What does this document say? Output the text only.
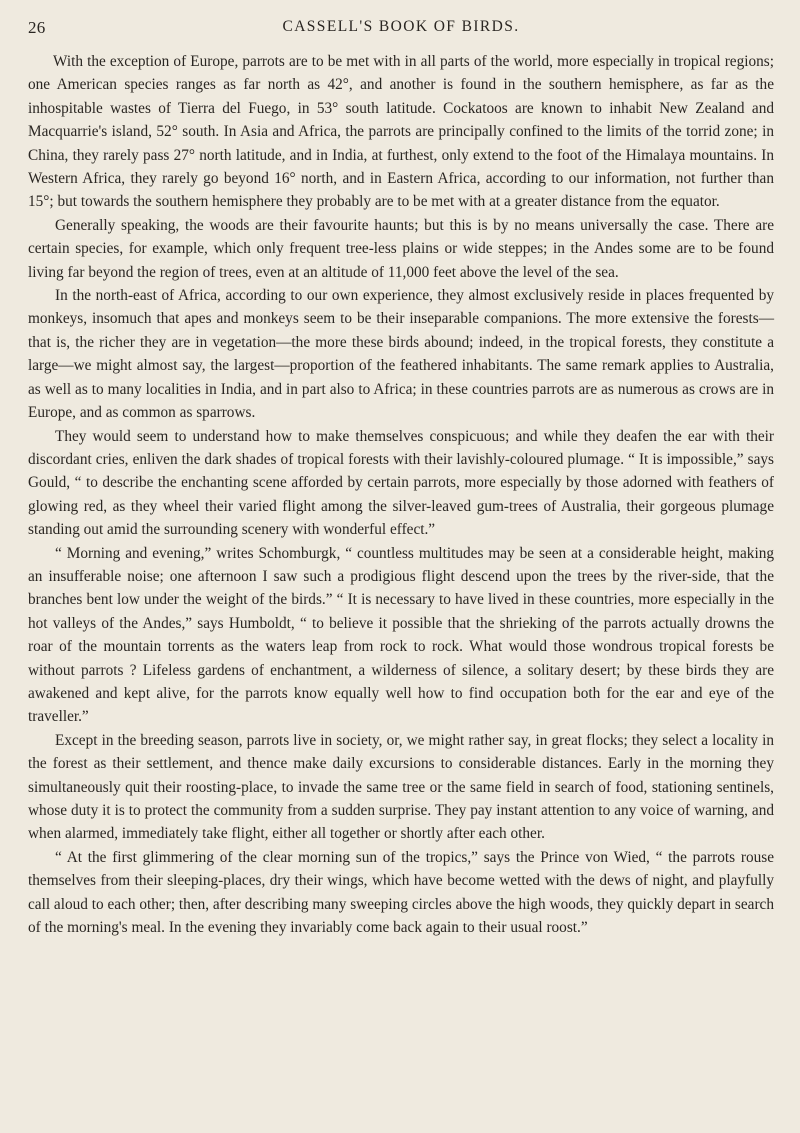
26	CASSELL'S BOOK OF BIRDS.

With the exception of Europe, parrots are to be met with in all parts of the world, more especially in tropical regions; one American species ranges as far north as 42°, and another is found in the southern hemisphere, as far as the inhospitable wastes of Tierra del Fuego, in 53° south latitude. Cockatoos are known to inhabit New Zealand and Macquarrie's island, 52° south. In Asia and Africa, the parrots are principally confined to the limits of the torrid zone; in China, they rarely pass 27° north latitude, and in India, at furthest, only extend to the foot of the Himalaya mountains. In Western Africa, they rarely go beyond 16° north, and in Eastern Africa, according to our information, not further than 15°; but towards the southern hemisphere they probably are to be met with at a greater distance from the equator.

Generally speaking, the woods are their favourite haunts; but this is by no means universally the case. There are certain species, for example, which only frequent tree-less plains or wide steppes; in the Andes some are to be found living far beyond the region of trees, even at an altitude of 11,000 feet above the level of the sea.

In the north-east of Africa, according to our own experience, they almost exclusively reside in places frequented by monkeys, insomuch that apes and monkeys seem to be their inseparable companions. The more extensive the forests—that is, the richer they are in vegetation—the more these birds abound; indeed, in the tropical forests, they constitute a large—we might almost say, the largest—proportion of the feathered inhabitants. The same remark applies to Australia, as well as to many localities in India, and in part also to Africa; in these countries parrots are as numerous as crows are in Europe, and as common as sparrows.

They would seem to understand how to make themselves conspicuous; and while they deafen the ear with their discordant cries, enliven the dark shades of tropical forests with their lavishly-coloured plumage. “ It is impossible,” says Gould, “ to describe the enchanting scene afforded by certain parrots, more especially by those adorned with feathers of glowing red, as they wheel their varied flight among the silver-leaved gum-trees of Australia, their gorgeous plumage standing out amid the surrounding scenery with wonderful effect.”

“ Morning and evening,” writes Schomburgk, “ countless multitudes may be seen at a considerable height, making an insufferable noise; one afternoon I saw such a prodigious flight descend upon the trees by the river-side, that the branches bent low under the weight of the birds.” “ It is necessary to have lived in these countries, more especially in the hot valleys of the Andes,” says Humboldt, “ to believe it possible that the shrieking of the parrots actually drowns the roar of the mountain torrents as the waters leap from rock to rock. What would those wondrous tropical forests be without parrots ? Lifeless gardens of enchantment, a wilderness of silence, a solitary desert; by these birds they are awakened and kept alive, for the parrots know equally well how to find occupation both for the ear and eye of the traveller.”

Except in the breeding season, parrots live in society, or, we might rather say, in great flocks; they select a locality in the forest as their settlement, and thence make daily excursions to considerable distances. Early in the morning they simultaneously quit their roosting-place, to invade the same tree or the same field in search of food, stationing sentinels, whose duty it is to protect the community from a sudden surprise. They pay instant attention to any voice of warning, and when alarmed, immediately take flight, either all together or shortly after each other.

“ At the first glimmering of the clear morning sun of the tropics,” says the Prince von Wied, “ the parrots rouse themselves from their sleeping-places, dry their wings, which have become wetted with the dews of night, and playfully call aloud to each other; then, after describing many sweeping circles above the high woods, they quickly depart in search of the morning's meal. In the evening they invariably come back again to their usual roost.”
